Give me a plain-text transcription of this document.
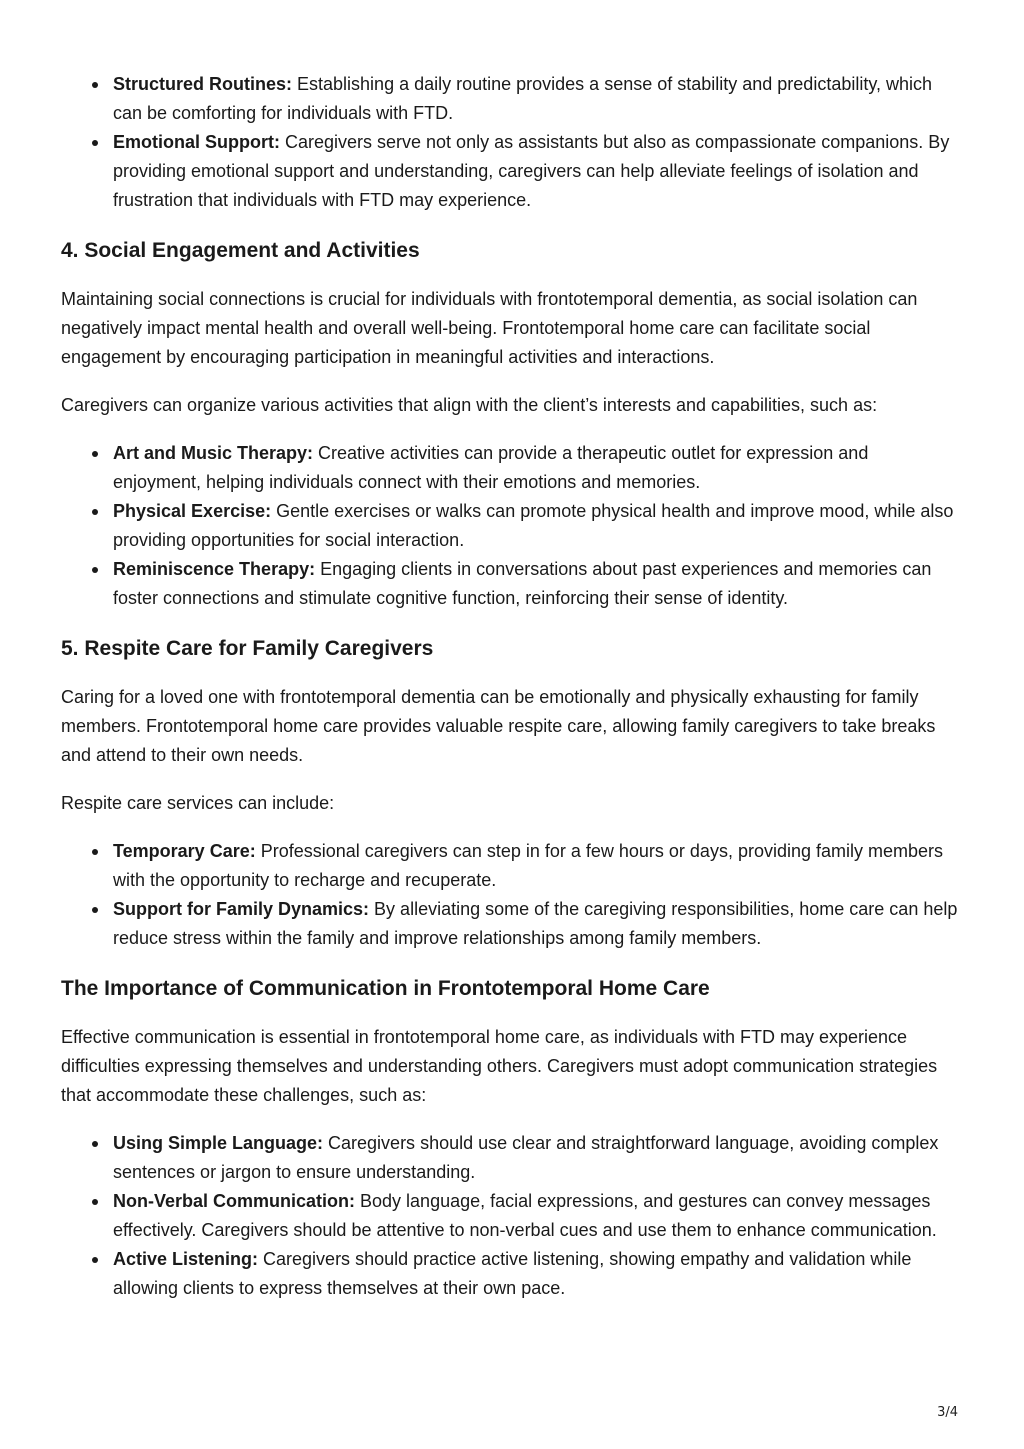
Structured Routines: Establishing a daily routine provides a sense of stability and predictability, which can be comforting for individuals with FTD.
Emotional Support: Caregivers serve not only as assistants but also as compassionate companions. By providing emotional support and understanding, caregivers can help alleviate feelings of isolation and frustration that individuals with FTD may experience.
4. Social Engagement and Activities

Maintaining social connections is crucial for individuals with frontotemporal dementia, as social isolation can negatively impact mental health and overall well-being. Frontotemporal home care can facilitate social engagement by encouraging participation in meaningful activities and interactions.

Caregivers can organize various activities that align with the client’s interests and capabilities, such as:

Art and Music Therapy: Creative activities can provide a therapeutic outlet for expression and enjoyment, helping individuals connect with their emotions and memories.
Physical Exercise: Gentle exercises or walks can promote physical health and improve mood, while also providing opportunities for social interaction.
Reminiscence Therapy: Engaging clients in conversations about past experiences and memories can foster connections and stimulate cognitive function, reinforcing their sense of identity.
5. Respite Care for Family Caregivers

Caring for a loved one with frontotemporal dementia can be emotionally and physically exhausting for family members. Frontotemporal home care provides valuable respite care, allowing family caregivers to take breaks and attend to their own needs.

Respite care services can include:

Temporary Care: Professional caregivers can step in for a few hours or days, providing family members with the opportunity to recharge and recuperate.
Support for Family Dynamics: By alleviating some of the caregiving responsibilities, home care can help reduce stress within the family and improve relationships among family members.
The Importance of Communication in Frontotemporal Home Care

Effective communication is essential in frontotemporal home care, as individuals with FTD may experience difficulties expressing themselves and understanding others. Caregivers must adopt communication strategies that accommodate these challenges, such as:

Using Simple Language: Caregivers should use clear and straightforward language, avoiding complex sentences or jargon to ensure understanding.
Non-Verbal Communication: Body language, facial expressions, and gestures can convey messages effectively. Caregivers should be attentive to non-verbal cues and use them to enhance communication.
Active Listening: Caregivers should practice active listening, showing empathy and validation while allowing clients to express themselves at their own pace.
3/4
